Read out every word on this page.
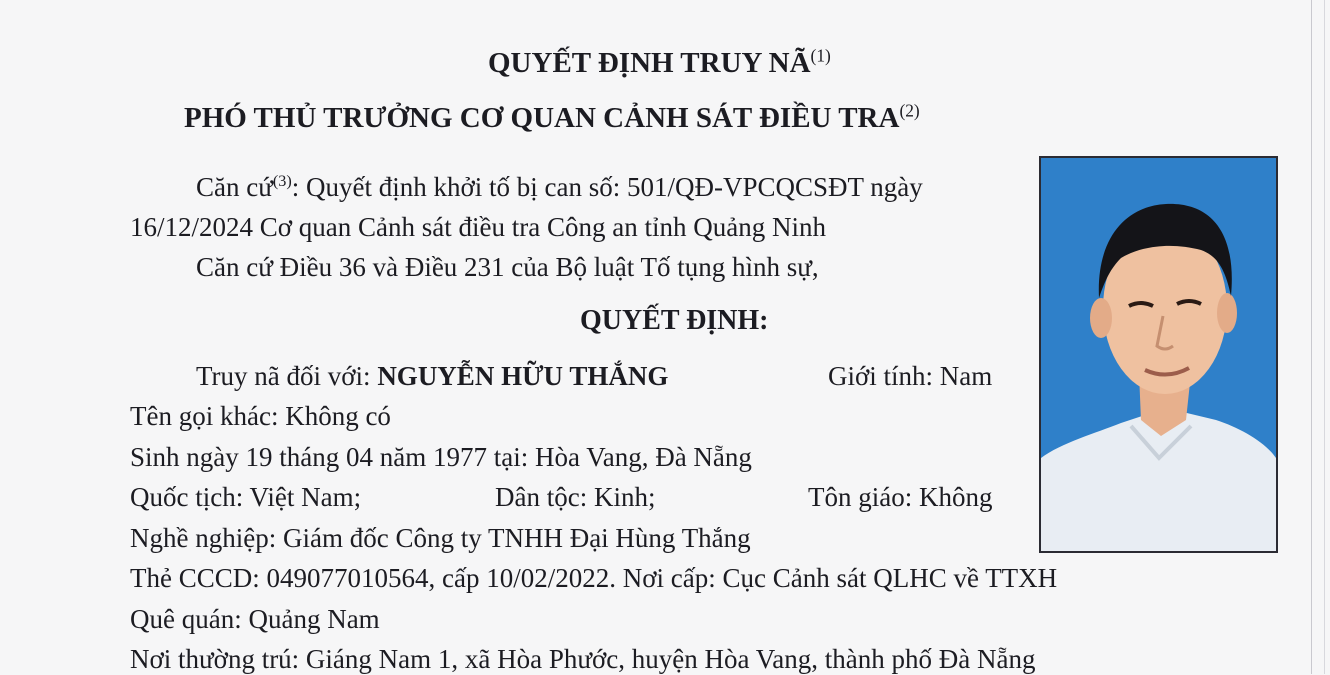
QUYẾT ĐỊNH TRUY NÃ$^{(1)}$
PHÓ THỦ TRƯỞNG CƠ QUAN CẢNH SÁT ĐIỀU TRA$^{(2)}$
Căn cứ$^{(3)}$: Quyết định khởi tố bị can số: 501/QĐ-VPCQCSĐT ngày
16/12/2024 Cơ quan Cảnh sát điều tra Công an tỉnh Quảng Ninh
Căn cứ Điều 36 và Điều 231 của Bộ luật Tố tụng hình sự,
QUYẾT ĐỊNH:
Truy nã đối với: NGUYỄN HỮU THẮNG	Giới tính: Nam
Tên gọi khác: Không có
Sinh ngày 19 tháng 04 năm 1977 tại: Hòa Vang, Đà Nẵng
Quốc tịch: Việt Nam;	Dân tộc: Kinh;	Tôn giáo: Không
Nghề nghiệp: Giám đốc Công ty TNHH Đại Hùng Thắng
Thẻ CCCD: 049077010564, cấp 10/02/2022. Nơi cấp: Cục Cảnh sát QLHC về TTXH
Quê quán: Quảng Nam
Nơi thường trú: Giáng Nam 1, xã Hòa Phước, huyện Hòa Vang, thành phố Đà Nẵng
